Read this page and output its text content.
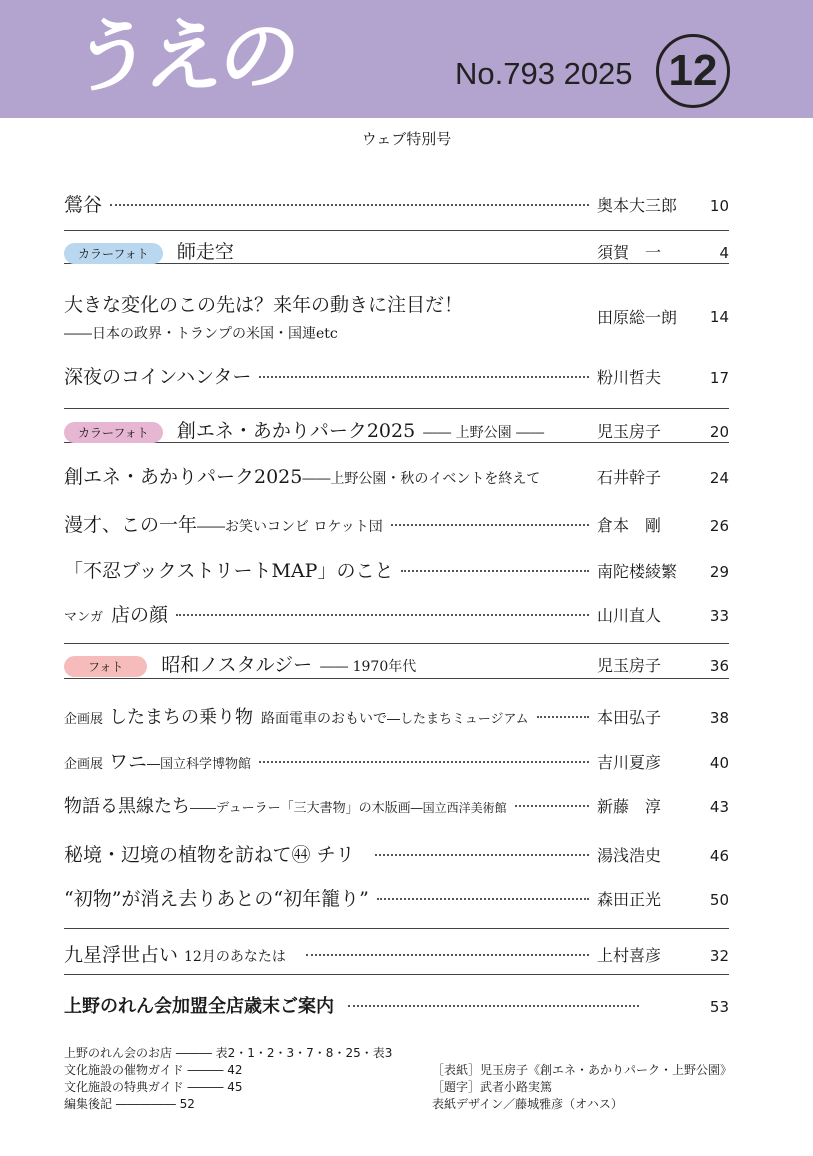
うえの	No.793 2025 12
ウェブ特別号
鶯谷	奥本大三郎	10
カラーフォト	師走空	須賀　一	4
大きな変化のこの先は？来年の動きに注目だ！
――日本の政界・トランプの米国・国連etc
田原総一朗	14
深夜のコインハンター	粉川哲夫	17
カラーフォト	創エネ・あかりパーク2025 ―― 上野公園 ――	児玉房子	20
創エネ・あかりパーク2025 ――上野公園・秋のイベントを終えて	石井幹子	24
漫才、この一年 ――お笑いコンビ ロケット団	倉本　剛	26
「不忍ブックストリートMAP」のこと	南陀楼綾繁	29
マンガ 店の顔	山川直人	33
フォト	昭和ノスタルジー ―― 1970年代	児玉房子	36
企画展 したまちの乗り物 路面電車のおもいで ―したまちミュージアム	本田弘子	38
企画展 ワニ ―国立科学博物館	吉川夏彦	40
物語る黒線たち ――デューラー「三大書物」の木版画 ―国立西洋美術館	新藤　淳	43
秘境・辺境の植物を訪ねて㊹ チリ	湯浅浩史	46
“初物”が消え去りあとの“初年籠り”	森田正光	50
九星浮世占い 12月のあなたは	上村喜彦	32
上野のれん会加盟全店歳末ご案内	53
上野のれん会のお店 ――― 表2・1・2・3・7・8・25・表3
文化施設の催物ガイド ――― 42
文化施設の特典ガイド ――― 45
編集後記 ――――― 52
［表紙］児玉房子《創エネ・あかりパーク・上野公園》
［題字］武者小路実篤
表紙デザイン／藤城雅彦（オハス）
